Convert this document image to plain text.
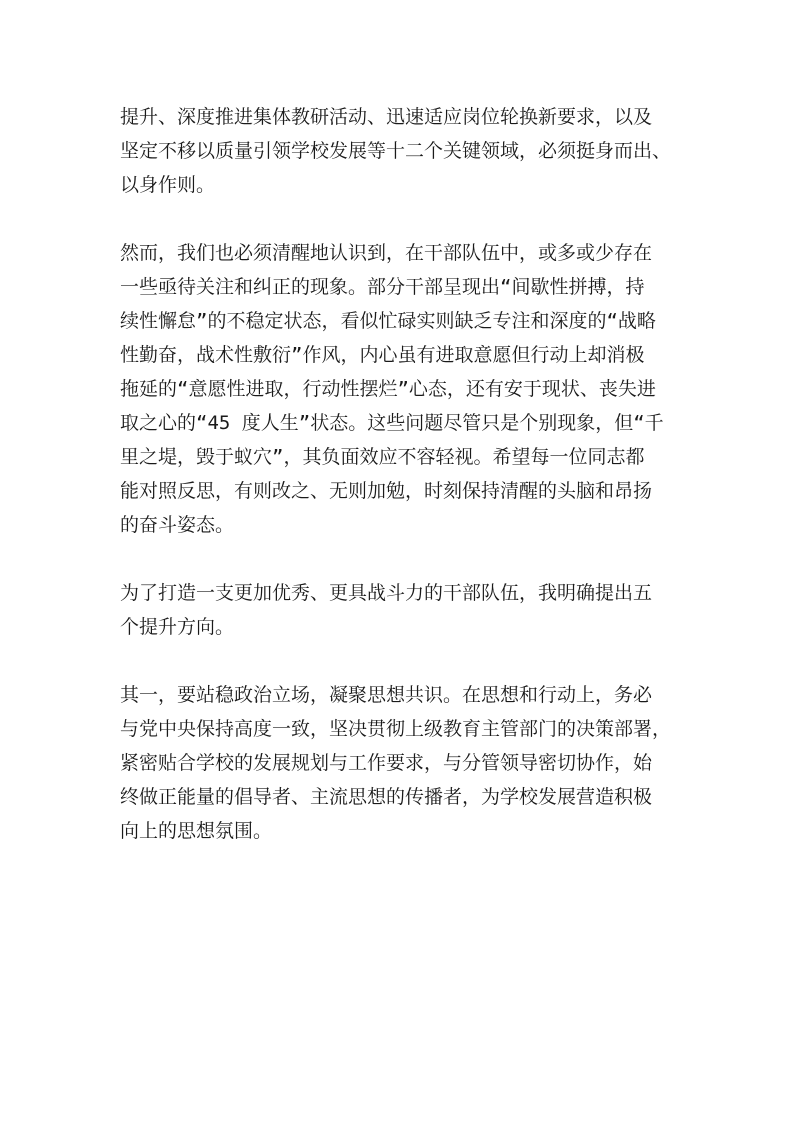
提升、深度推进集体教研活动、迅速适应岗位轮换新要求，以及
坚定不移以质量引领学校发展等十二个关键领域，必须挺身而出、
以身作则。

然而，我们也必须清醒地认识到，在干部队伍中，或多或少存在
一些亟待关注和纠正的现象。部分干部呈现出“间歇性拼搏，持
续性懈怠”的不稳定状态，看似忙碌实则缺乏专注和深度的“战略
性勤奋，战术性敷衍”作风，内心虽有进取意愿但行动上却消极
拖延的“意愿性进取，行动性摆烂”心态，还有安于现状、丧失进
取之心的“45 度人生”状态。这些问题尽管只是个别现象，但“千
里之堤，毁于蚁穴”，其负面效应不容轻视。希望每一位同志都
能对照反思，有则改之、无则加勉，时刻保持清醒的头脑和昂扬
的奋斗姿态。

为了打造一支更加优秀、更具战斗力的干部队伍，我明确提出五
个提升方向。

其一，要站稳政治立场，凝聚思想共识。在思想和行动上，务必
与党中央保持高度一致，坚决贯彻上级教育主管部门的决策部署，
紧密贴合学校的发展规划与工作要求，与分管领导密切协作，始
终做正能量的倡导者、主流思想的传播者，为学校发展营造积极
向上的思想氛围。
